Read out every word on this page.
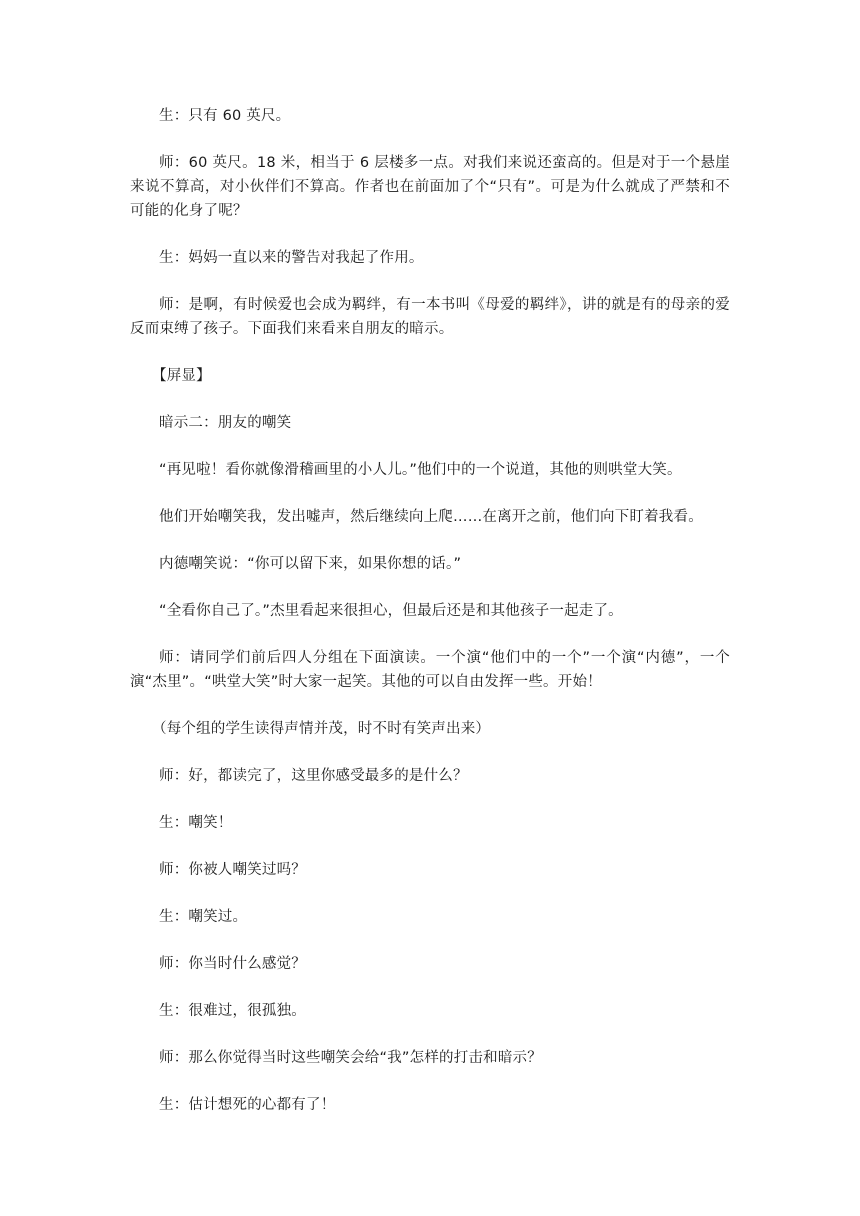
生：只有 60 英尺。

师：60 英尺。18 米，相当于 6 层楼多一点。对我们来说还蛮高的。但是对于一个悬崖来说不算高，对小伙伴们不算高。作者也在前面加了个“只有”。可是为什么就成了严禁和不可能的化身了呢？

生：妈妈一直以来的警告对我起了作用。

师：是啊，有时候爱也会成为羁绊，有一本书叫《母爱的羁绊》，讲的就是有的母亲的爱反而束缚了孩子。下面我们来看来自朋友的暗示。

【屏显】

暗示二：朋友的嘲笑

“再见啦！看你就像滑稽画里的小人儿。”他们中的一个说道，其他的则哄堂大笑。

他们开始嘲笑我，发出嘘声，然后继续向上爬……在离开之前，他们向下盯着我看。

内德嘲笑说：“你可以留下来，如果你想的话。”

“全看你自己了。”杰里看起来很担心，但最后还是和其他孩子一起走了。

师：请同学们前后四人分组在下面演读。一个演“他们中的一个”一个演“内德”，一个演“杰里”。“哄堂大笑”时大家一起笑。其他的可以自由发挥一些。开始！

（每个组的学生读得声情并茂，时不时有笑声出来）

师：好，都读完了，这里你感受最多的是什么？

生：嘲笑！

师：你被人嘲笑过吗？

生：嘲笑过。

师：你当时什么感觉？

生：很难过，很孤独。

师：那么你觉得当时这些嘲笑会给“我”怎样的打击和暗示？

生：估计想死的心都有了！
